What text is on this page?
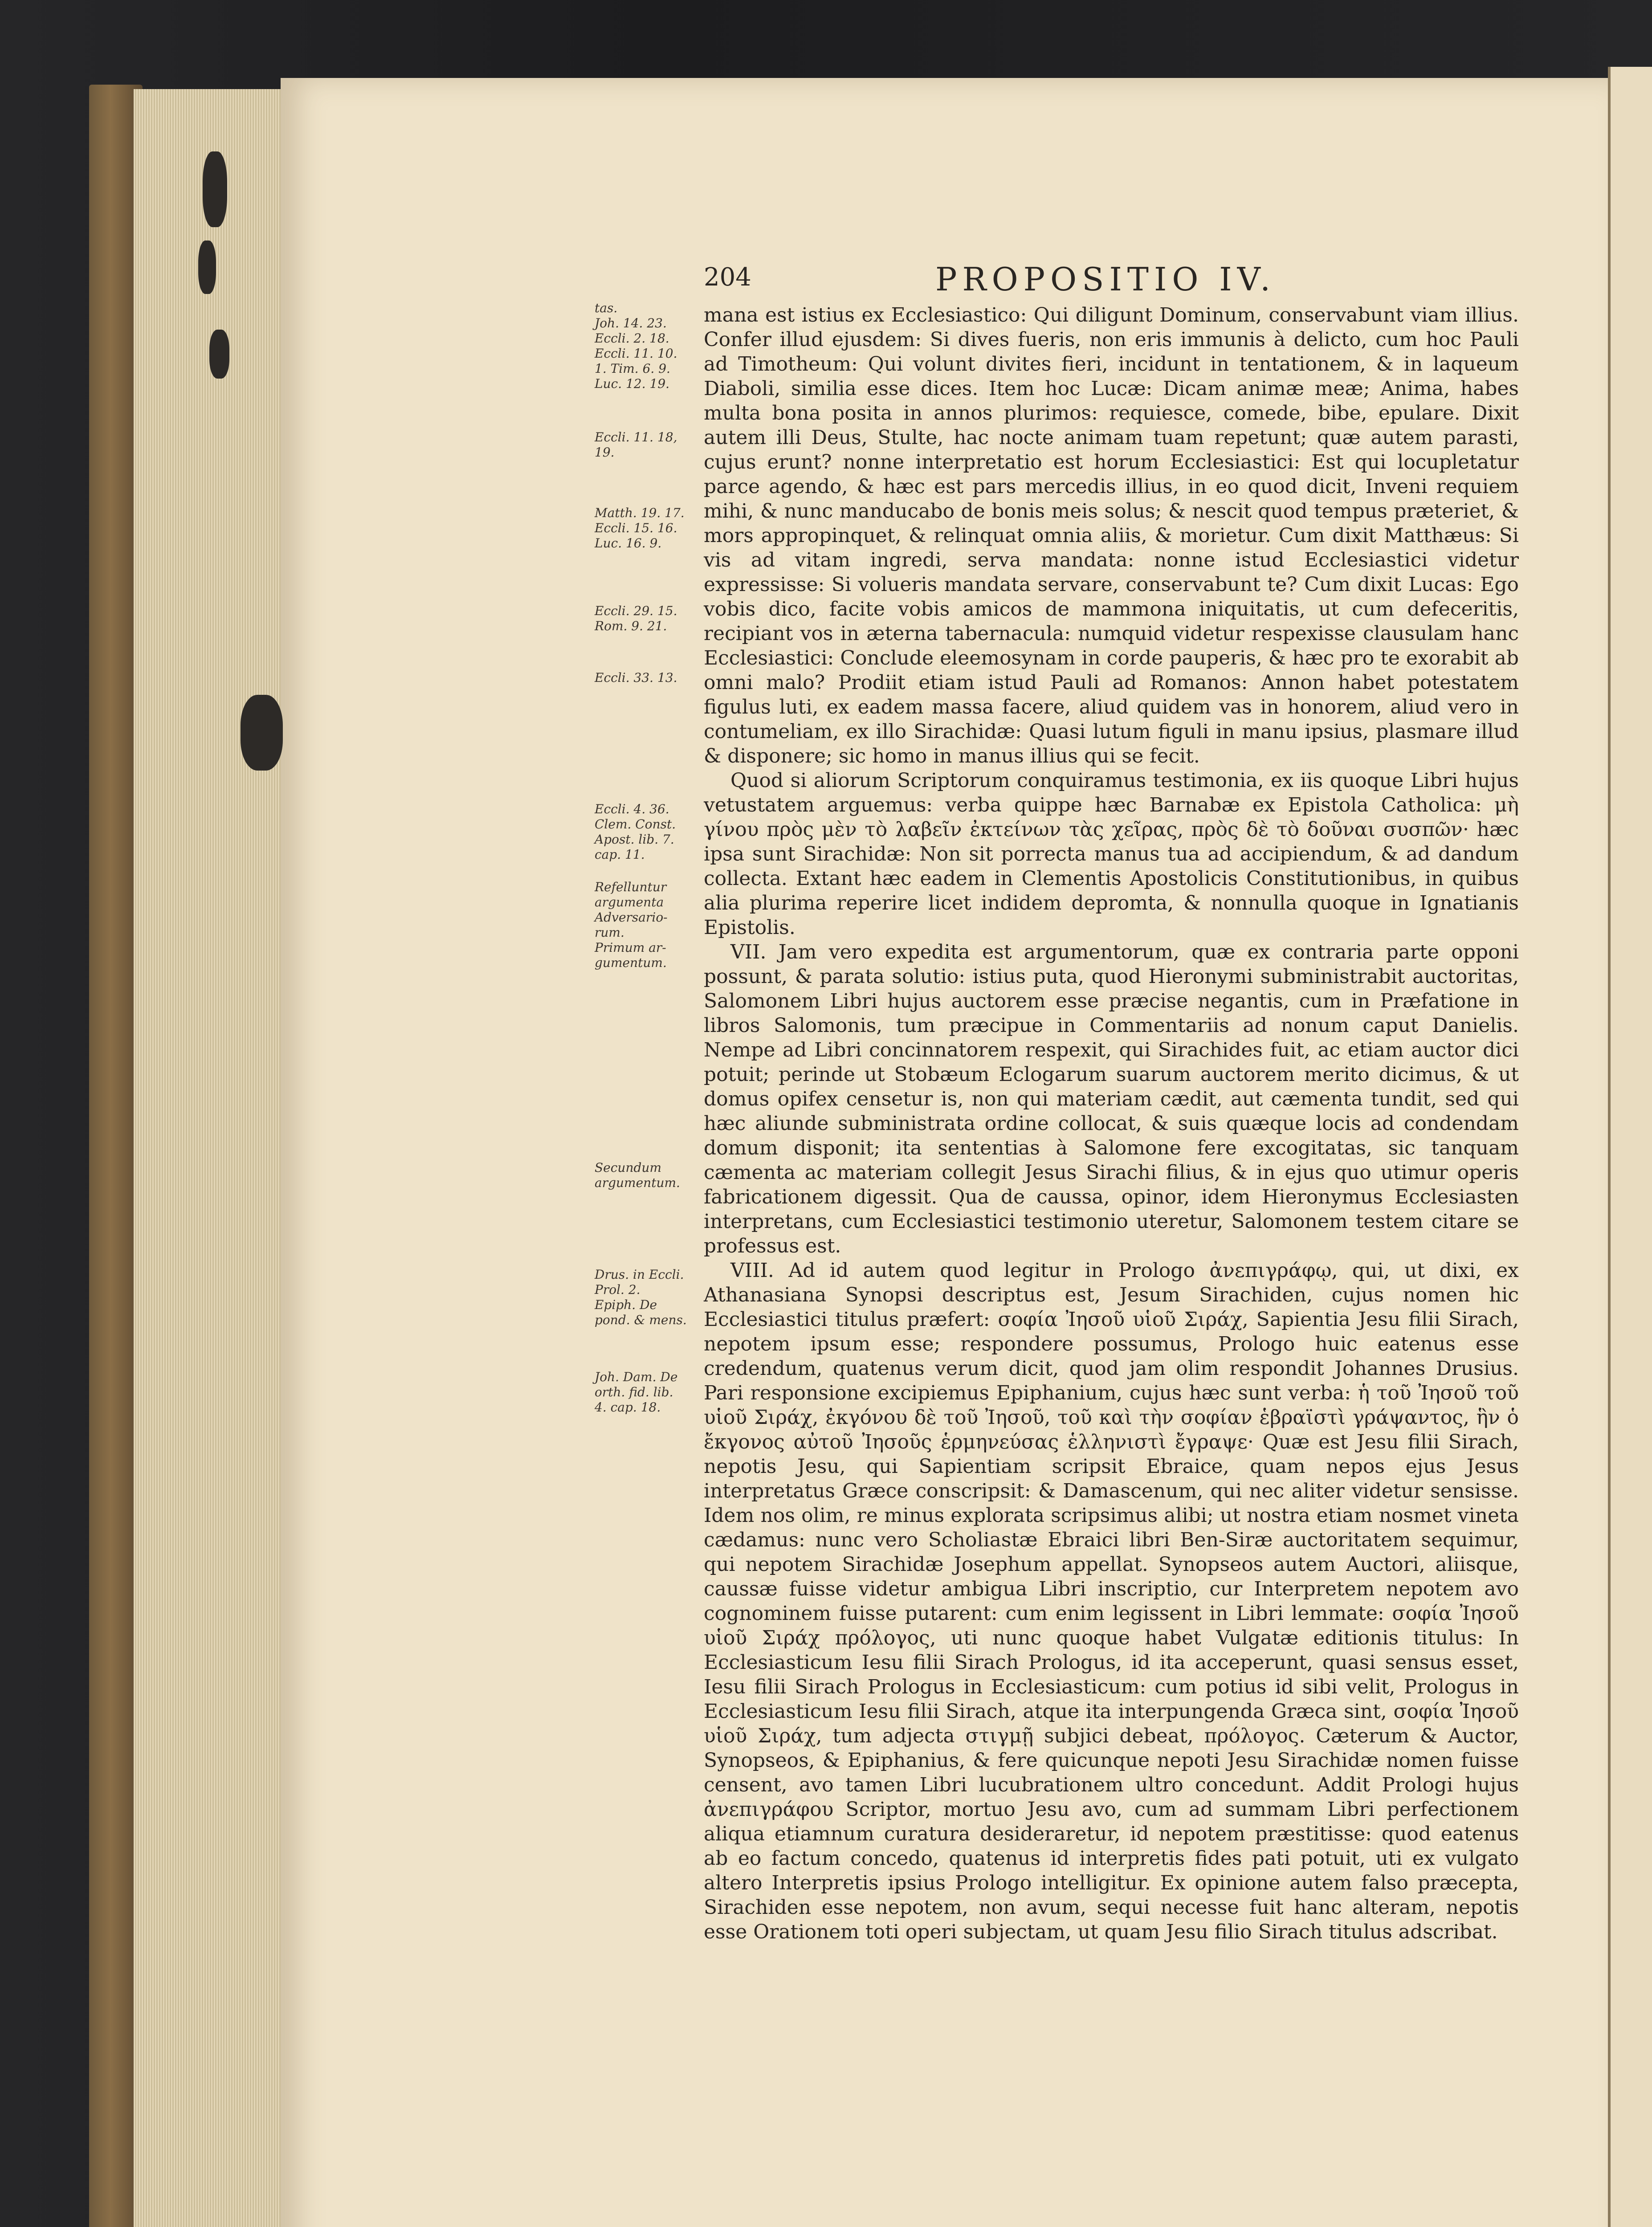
204	PROPOSITIO IV.
tas.
Joh. 14. 23.
Eccli. 2. 18.
Eccli. 11. 10.
1. Tim. 6. 9.
Luc. 12. 19.
Eccli. 11. 18, 19.
Matth. 19. 17.
Eccli. 15. 16.
Luc. 16. 9.
Eccli. 29. 15.
Rom. 9. 21.
Eccli. 33. 13.
Eccli. 4. 36.
Clem. Const.
Apost. lib. 7.
cap. 11.
Refelluntur
argumenta
Adversario-
rum.
Primum ar-
gumentum.
Secundum
argumentum.
Drus. in Eccli.
Prol. 2.
Epiph. De
pond. & mens.
Joh. Dam. De
orth. fid. lib.
4. cap. 18.

mana est istius ex Ecclesiastico: Qui diligunt Dominum, conservabunt viam illius. Confer illud ejusdem: Si dives fueris, non eris immunis à delicto, cum hoc Pauli ad Timotheum: Qui volunt divites fieri, incidunt in tentationem, & in laqueum Diaboli, similia esse dices. Item hoc Lucæ: Dicam animæ meæ; Anima, habes multa bona posita in annos plurimos: requiesce, comede, bibe, epulare. Dixit autem illi Deus, Stulte, hac nocte animam tuam repetunt; quæ autem parasti, cujus erunt? nonne interpretatio est horum Ecclesiastici: Est qui locupletatur parce agendo, & hæc est pars mercedis illius, in eo quod dicit, Inveni requiem mihi, & nunc manducabo de bonis meis solus; & nescit quod tempus præteriet, & mors appropinquet, & relinquat omnia aliis, & morietur. Cum dixit Matthæus: Si vis ad vitam ingredi, serva mandata: nonne istud Ecclesiastici videtur expressisse: Si volueris mandata servare, conservabunt te? Cum dixit Lucas: Ego vobis dico, facite vobis amicos de mammona iniquitatis, ut cum defeceritis, recipiant vos in æterna tabernacula: numquid videtur respexisse clausulam hanc Ecclesiastici: Conclude eleemosynam in corde pauperis, & hæc pro te exorabit ab omni malo? Prodiit etiam istud Pauli ad Romanos: Annon habet potestatem figulus luti, ex eadem massa facere, aliud quidem vas in honorem, aliud vero in contumeliam, ex illo Sirachidæ: Quasi lutum figuli in manu ipsius, plasmare illud & disponere; sic homo in manus illius qui se fecit.

Quod si aliorum Scriptorum conquiramus testimonia, ex iis quoque Libri hujus vetustatem arguemus: verba quippe hæc Barnabæ ex Epistola Catholica: μὴ γίνου πρὸς μὲν τὸ λαβεῖν ἐκτείνων τὰς χεῖρας, πρὸς δὲ τὸ δοῦναι συσπῶν· hæc ipsa sunt Sirachidæ: Non sit porrecta manus tua ad accipiendum, & ad dandum collecta. Extant hæc eadem in Clementis Apostolicis Constitutionibus, in quibus alia plurima reperire licet indidem depromta, & nonnulla quoque in Ignatianis Epistolis.

VII. Jam vero expedita est argumentorum, quæ ex contraria parte opponi possunt, & parata solutio: istius puta, quod Hieronymi subministrabit auctoritas, Salomonem Libri hujus auctorem esse præcise negantis, cum in Præfatione in libros Salomonis, tum præcipue in Commentariis ad nonum caput Danielis. Nempe ad Libri concinnatorem respexit, qui Sirachides fuit, ac etiam auctor dici potuit; perinde ut Stobæum Eclogarum suarum auctorem merito dicimus, & ut domus opifex censetur is, non qui materiam cædit, aut cæmenta tundit, sed qui hæc aliunde subministrata ordine collocat, & suis quæque locis ad condendam domum disponit; ita sententias à Salomone fere excogitatas, sic tanquam cæmenta ac materiam collegit Jesus Sirachi filius, & in ejus quo utimur operis fabricationem digessit. Qua de caussa, opinor, idem Hieronymus Ecclesiasten interpretans, cum Ecclesiastici testimonio uteretur, Salomonem testem citare se professus est.

VIII. Ad id autem quod legitur in Prologo ἀνεπιγράφῳ, qui, ut dixi, ex Athanasiana Synopsi descriptus est, Jesum Sirachiden, cujus nomen hic Ecclesiastici titulus præfert: σοφία Ἰησοῦ υἱοῦ Σιράχ, Sapientia Jesu filii Sirach, nepotem ipsum esse; respondere possumus, Prologo huic eatenus esse credendum, quatenus verum dicit, quod jam olim respondit Johannes Drusius. Pari responsione excipiemus Epiphanium, cujus hæc sunt verba: ἡ τοῦ Ἰησοῦ τοῦ υἱοῦ Σιράχ, ἐκγόνου δὲ τοῦ Ἰησοῦ, τοῦ καὶ τὴν σοφίαν ἑβραϊστὶ γράψαντος, ἣν ὁ ἔκγονος αὐτοῦ Ἰησοῦς ἑρμηνεύσας ἑλληνιστὶ ἔγραψε· Quæ est Jesu filii Sirach, nepotis Jesu, qui Sapientiam scripsit Ebraice, quam nepos ejus Jesus interpretatus Græce conscripsit: & Damascenum, qui nec aliter videtur sensisse. Idem nos olim, re minus explorata scripsimus alibi; ut nostra etiam nosmet vineta cædamus: nunc vero Scholiastæ Ebraici libri Ben-Siræ auctoritatem sequimur, qui nepotem Sirachidæ Josephum appellat. Synopseos autem Auctori, aliisque, caussæ fuisse videtur ambigua Libri inscriptio, cur Interpretem nepotem avo cognominem fuisse putarent: cum enim legissent in Libri lemmate: σοφία Ἰησοῦ υἱοῦ Σιράχ πρόλογος, uti nunc quoque habet Vulgatæ editionis titulus: In Ecclesiasticum Iesu filii Sirach Prologus, id ita acceperunt, quasi sensus esset, Iesu filii Sirach Prologus in Ecclesiasticum: cum potius id sibi velit, Prologus in Ecclesiasticum Iesu filii Sirach, atque ita interpungenda Græca sint, σοφία Ἰησοῦ υἱοῦ Σιράχ, tum adjecta στιγμῇ subjici debeat, πρόλογος. Cæterum & Auctor, Synopseos, & Epiphanius, & fere quicunque nepoti Jesu Sirachidæ nomen fuisse censent, avo tamen Libri lucubrationem ultro concedunt. Addit Prologi hujus ἀνεπιγράφου Scriptor, mortuo Jesu avo, cum ad summam Libri perfectionem aliqua etiamnum curatura desideraretur, id nepotem præstitisse: quod eatenus ab eo factum concedo, quatenus id interpretis fides pati potuit, uti ex vulgato altero Interpretis ipsius Prologo intelligitur. Ex opinione autem falso præcepta, Sirachiden esse nepotem, non avum, sequi necesse fuit hanc alteram, nepotis esse Orationem toti operi subjectam, ut quam Jesu filio Sirach titulus adscribat.
